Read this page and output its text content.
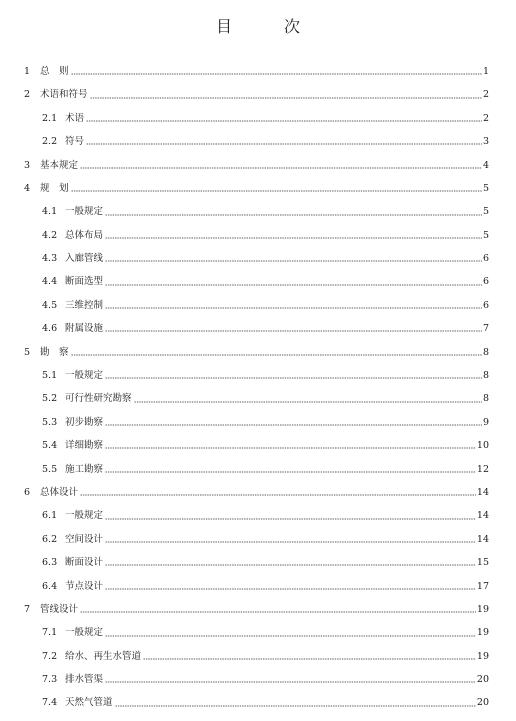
目　次
1	总　则	1
2	术语和符号	2
2.1 术语	2
2.2 符号	3
3	基本规定	4
4	规　划	5
4.1 一般规定	5
4.2 总体布局	5
4.3 入廊管线	6
4.4 断面选型	6
4.5 三维控制	6
4.6 附属设施	7
5	勘　察	8
5.1 一般规定	8
5.2 可行性研究勘察	8
5.3 初步勘察	9
5.4 详细勘察	10
5.5 施工勘察	12
6	总体设计	14
6.1 一般规定	14
6.2 空间设计	14
6.3 断面设计	15
6.4 节点设计	17
7	管线设计	19
7.1 一般规定	19
7.2 给水、再生水管道	19
7.3 排水管渠	20
7.4 天然气管道	20
